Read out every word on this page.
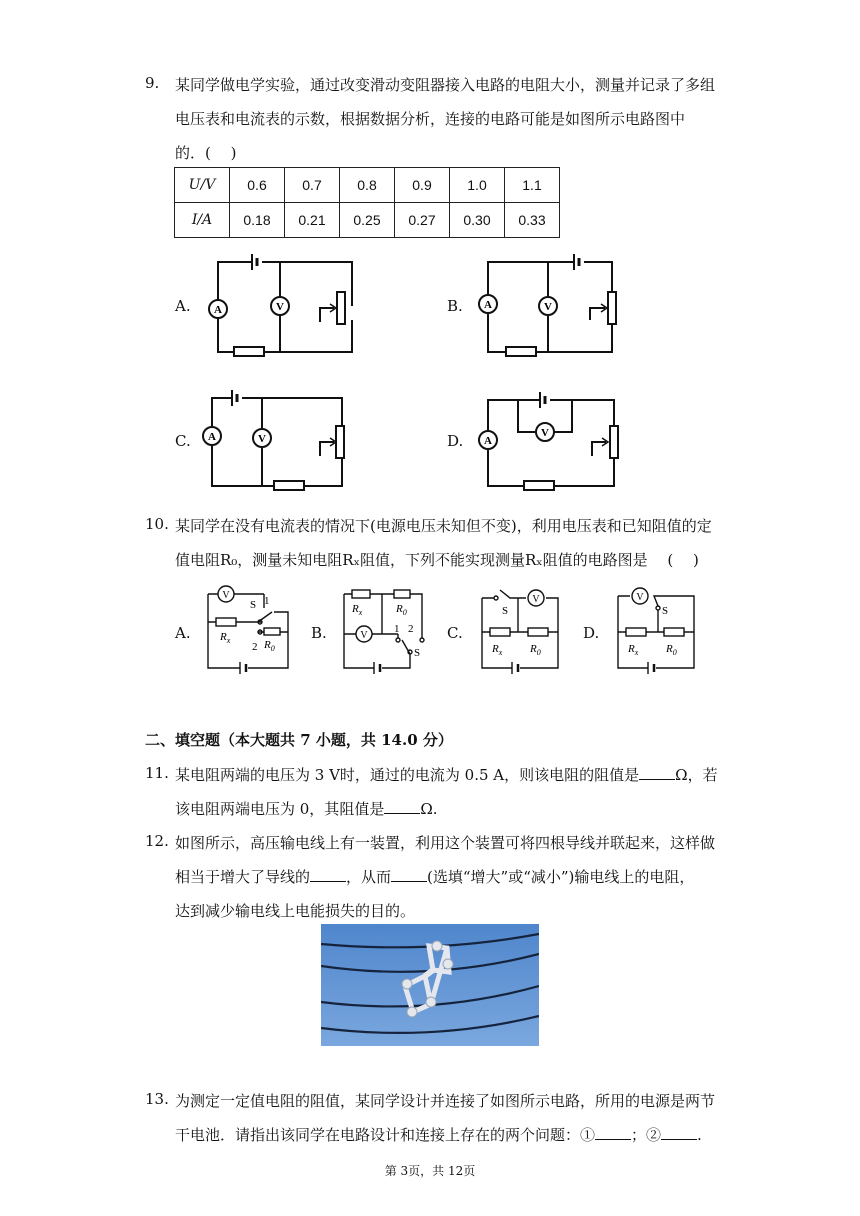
9. 某同学做电学实验，通过改变滑动变阻器接入电路的电阻大小，测量并记录了多组
电压表和电流表的示数，根据数据分析，连接的电路可能是如图所示电路图中
的．(　 )
U/V	0.6	0.7	0.8	0.9	1.0	1.1
I/A	0.18	0.21	0.25	0.27	0.30	0.33
A.	B.
C.	D.
A	V	A	V
A	V	A
V
10. 某同学在没有电流表的情况下(电源电压未知但不变)，利用电压表和已知阻值的定
值电阻R₀，测量未知电阻Rₓ阻值，下列不能实现测量Rₓ阻值的电路图是　 (　 )
A.	B.	C.	D.
V
S 1
2
$R_x$	$R_0$
V
$R_x$	$R_0$
1 2
S
V
S
$R_x$	$R_0$
V
S
$R_x$	$R_0$
二、填空题（本大题共 7 小题，共 14.0 分）
11. 某电阻两端的电压为 3 V时，通过的电流为 0.5 A，则该电阻的阻值是 Ω，若
该电阻两端电压为 0，其阻值是 Ω.
12. 如图所示，高压输电线上有一装置，利用这个装置可将四根导线并联起来，这样做
相当于增大了导线的 ，从而 (选填“增大”或“减小”)输电线上的电阻，
达到减少输电线上电能损失的目的。
13. 为测定一定值电阻的阻值，某同学设计并连接了如图所示电路，所用的电源是两节
干电池．请指出该同学在电路设计和连接上存在的两个问题：① ；② .
第 3页，共 12页
